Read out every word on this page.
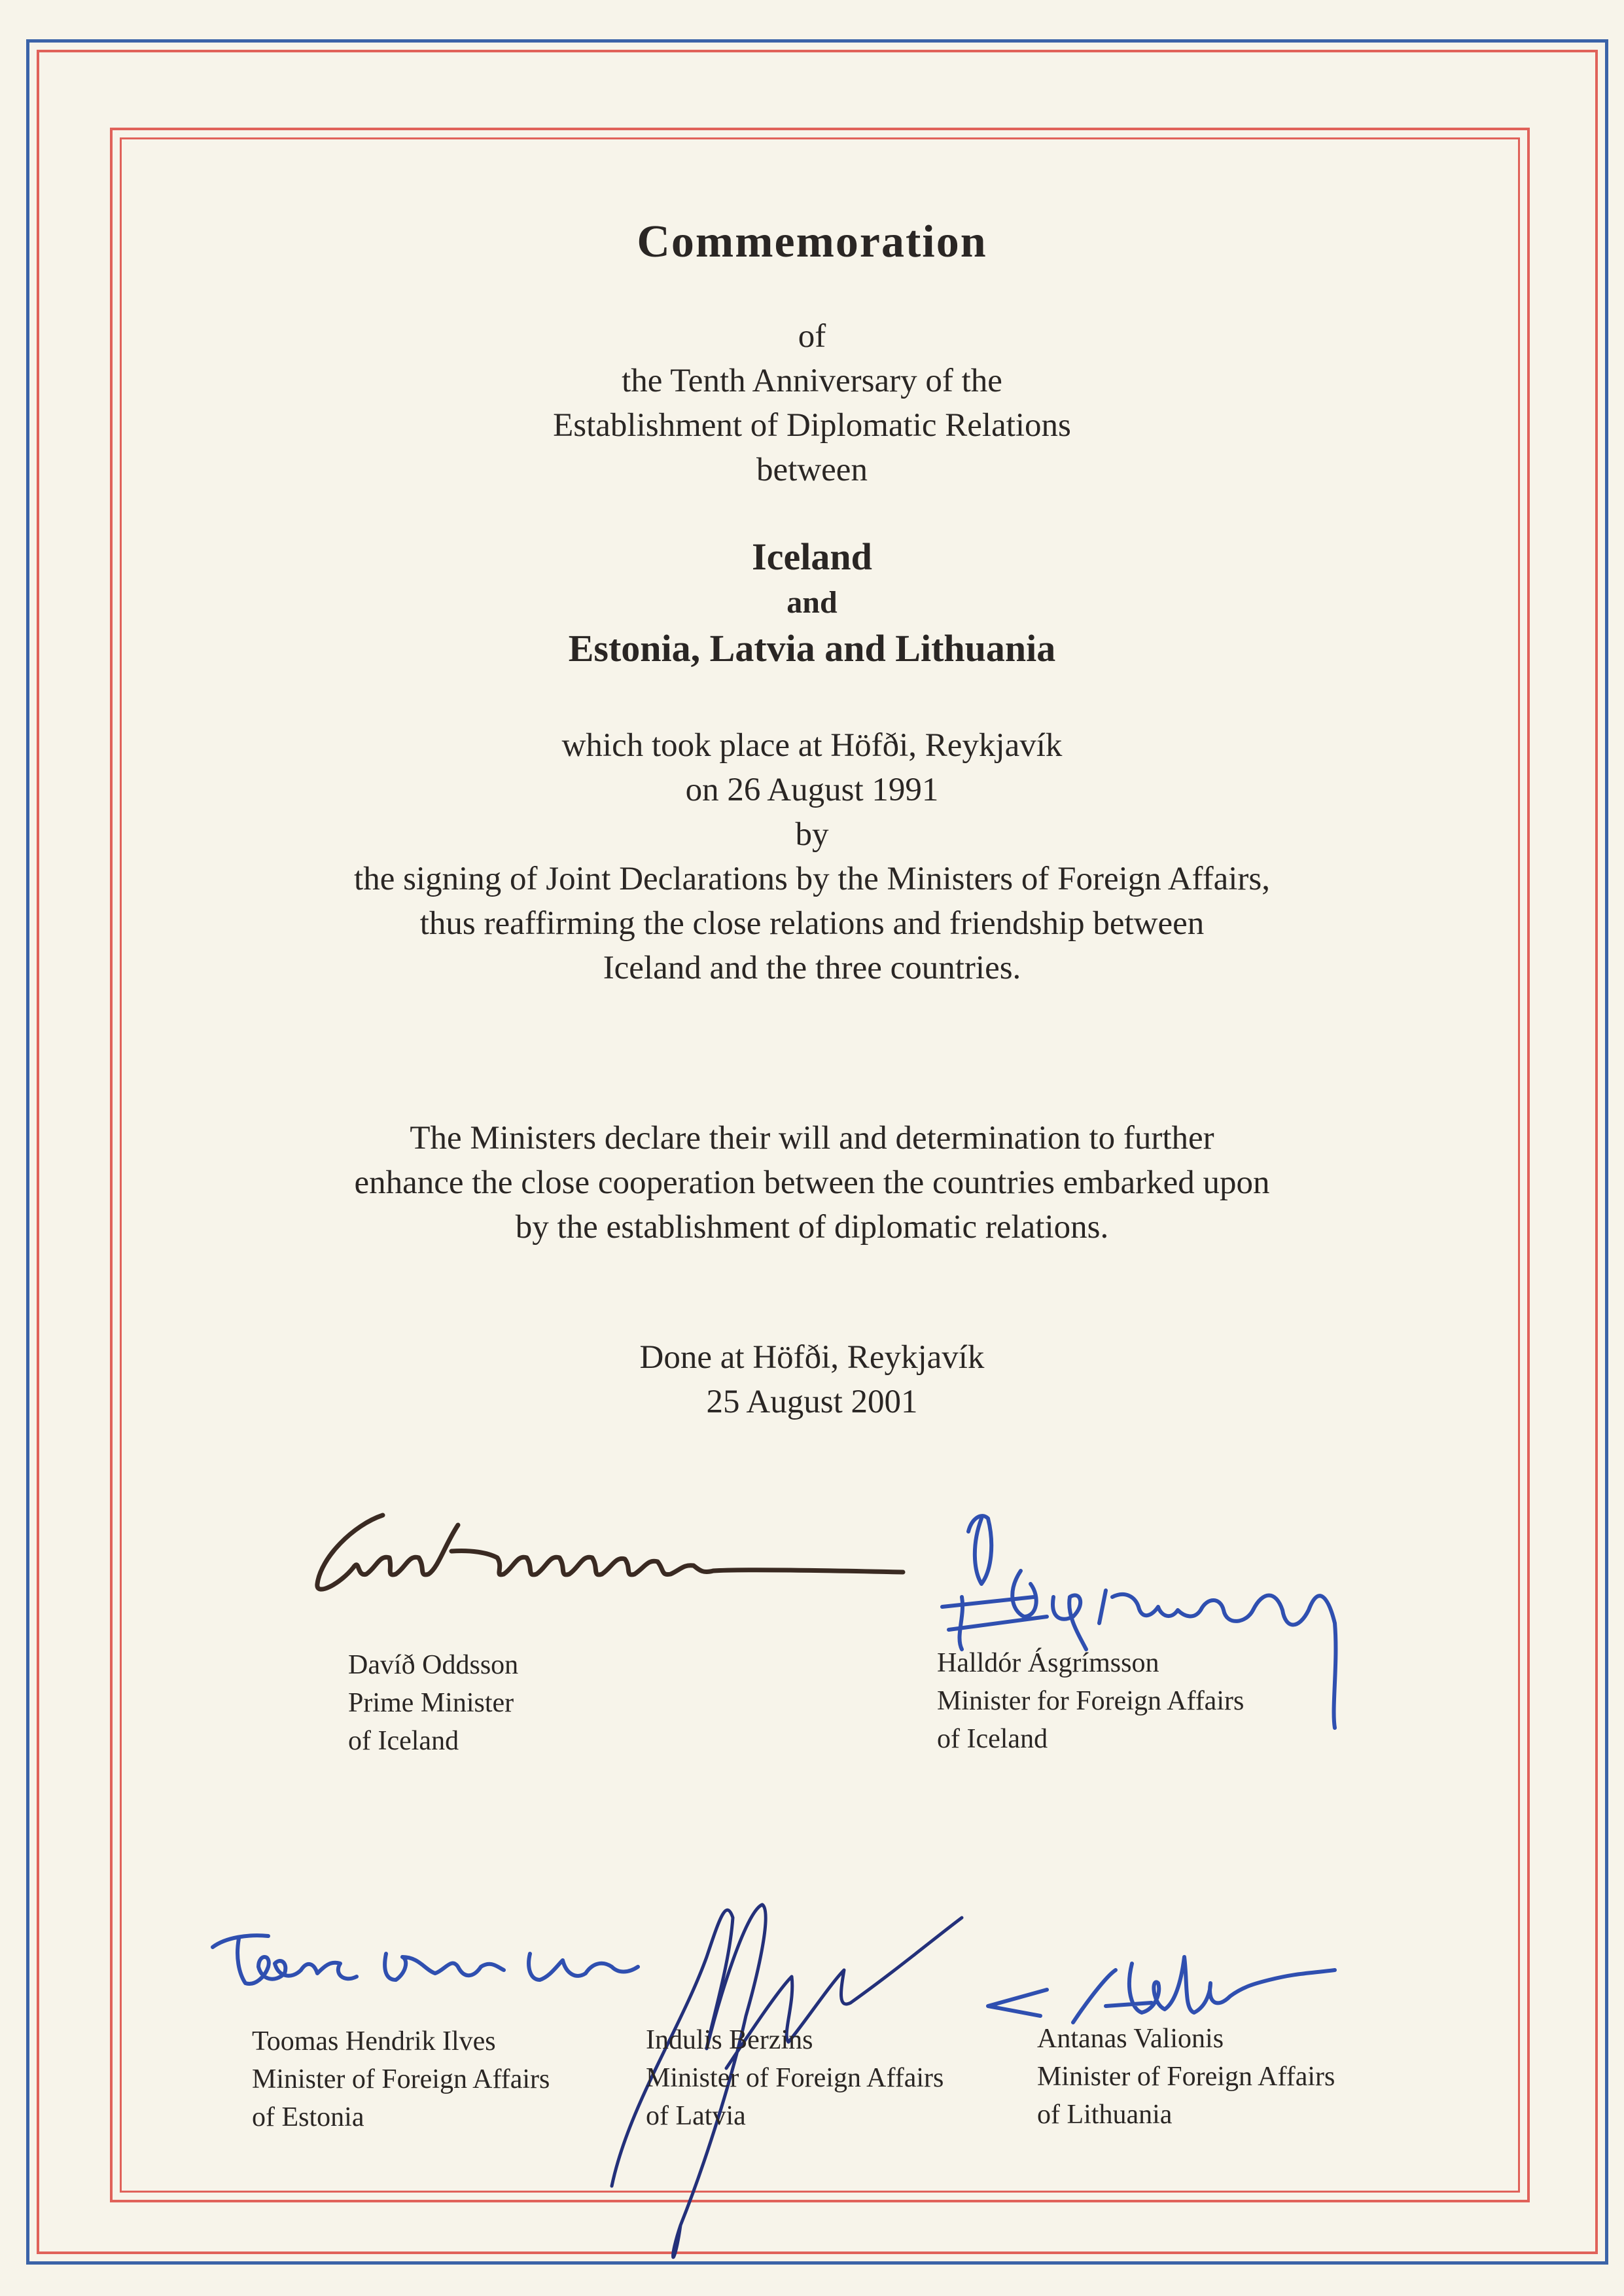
Commemoration
of
the Tenth Anniversary of the
Establishment of Diplomatic Relations
between
Iceland
and
Estonia, Latvia and Lithuania
which took place at Höfði, Reykjavík
on 26 August 1991
by
the signing of Joint Declarations by the Ministers of Foreign Affairs,
thus reaffirming the close relations and friendship between
Iceland and the three countries.
The Ministers declare their will and determination to further
enhance the close cooperation between the countries embarked upon
by the establishment of diplomatic relations.
Done at Höfði, Reykjavík
25 August 2001
Davíð Oddsson
Prime Minister
of Iceland
Halldór Ásgrímsson
Minister for Foreign Affairs
of Iceland
Toomas Hendrik Ilves
Minister of Foreign Affairs
of Estonia
Indulis Berzins
Minister of Foreign Affairs
of Latvia
Antanas Valionis
Minister of Foreign Affairs
of Lithuania
